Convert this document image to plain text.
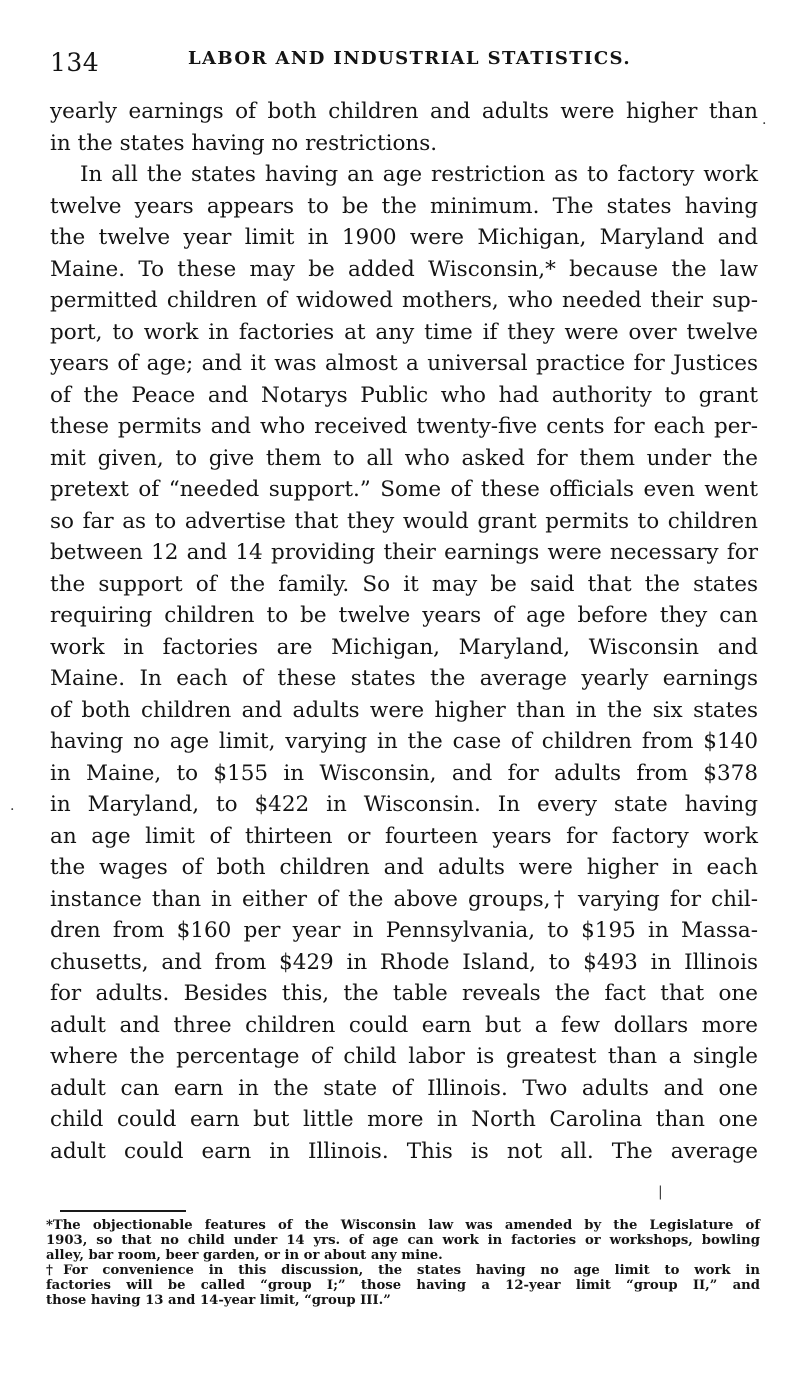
134	LABOR AND INDUSTRIAL STATISTICS.
yearly earnings of both children and adults were higher than
in the states having no restrictions.
In all the states having an age restriction as to factory work
twelve years appears to be the minimum. The states having
the twelve year limit in 1900 were Michigan, Maryland and
Maine. To these may be added Wisconsin,* because the law
permitted children of widowed mothers, who needed their sup-
port, to work in factories at any time if they were over twelve
years of age; and it was almost a universal practice for Justices
of the Peace and Notarys Public who had authority to grant
these permits and who received twenty-five cents for each per-
mit given, to give them to all who asked for them under the
pretext of “needed support.” Some of these officials even went
so far as to advertise that they would grant permits to children
between 12 and 14 providing their earnings were necessary for
the support of the family. So it may be said that the states
requiring children to be twelve years of age before they can
work in factories are Michigan, Maryland, Wisconsin and
Maine. In each of these states the average yearly earnings
of both children and adults were higher than in the six states
having no age limit, varying in the case of children from $140
in Maine, to $155 in Wisconsin, and for adults from $378
in Maryland, to $422 in Wisconsin. In every state having
an age limit of thirteen or fourteen years for factory work
the wages of both children and adults were higher in each
instance than in either of the above groups,† varying for chil-
dren from $160 per year in Pennsylvania, to $195 in Massa-
chusetts, and from $429 in Rhode Island, to $493 in Illinois
for adults. Besides this, the table reveals the fact that one
adult and three children could earn but a few dollars more
where the percentage of child labor is greatest than a single
adult can earn in the state of Illinois. Two adults and one
child could earn but little more in North Carolina than one
adult could earn in Illinois. This is not all. The average
*The objectionable features of the Wisconsin law was amended by the Legislature of
1903, so that no child under 14 yrs. of age can work in factories or workshops, bowling
alley, bar room, beer garden, or in or about any mine.
†For convenience in this discussion, the states having no age limit to work in
factories will be called “group I;” those having a 12-year limit “group II,” and
those having 13 and 14-year limit, “group III.”
.
.
|
